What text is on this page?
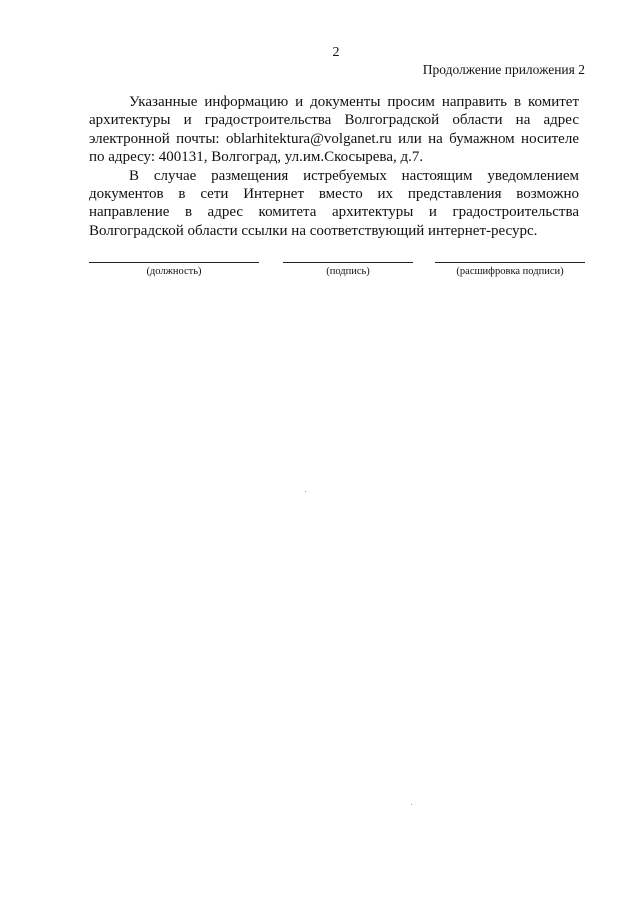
2
Продолжение приложения 2

Указанные информацию и документы просим направить в комитет архитектуры и градостроительства Волгоградской области на адрес электронной почты: oblarhitektura@volganet.ru или на бумажном носителе по адресу: 400131, Волгоград, ул.им.Скосырева, д.7.

В случае размещения истребуемых настоящим уведомлением документов в сети Интернет вместо их представления возможно направление в адрес комитета архитектуры и градостроительства Волгоградской области ссылки на соответствующий интернет-ресурс.

(должность)	(подпись)	(расшифровка подписи)
